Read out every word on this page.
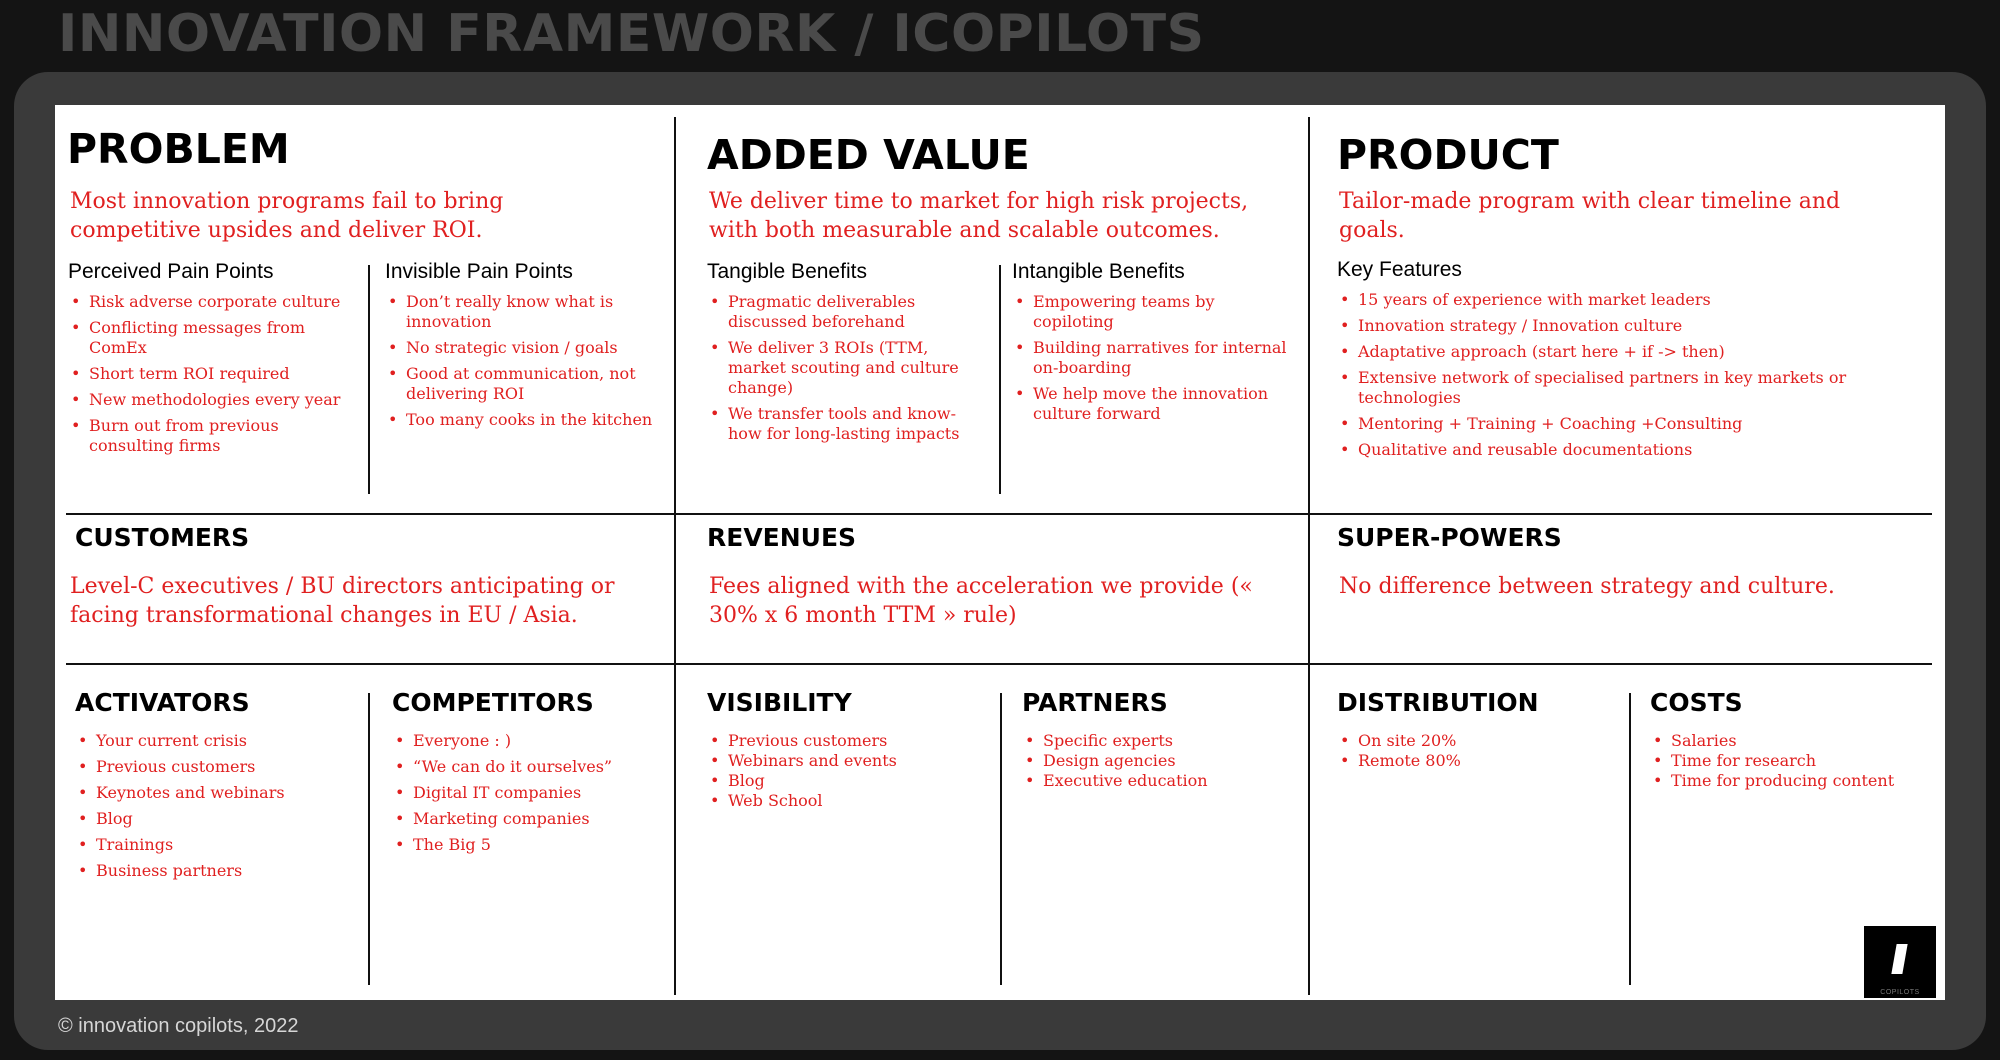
INNOVATION FRAMEWORK / ICOPILOTS
PROBLEM
Most innovation programs fail to bring competitive upsides and deliver ROI.
Perceived Pain Points
• Risk adverse corporate culture
• Conflicting messages from ComEx
• Short term ROI required
• New methodologies every year
• Burn out from previous consulting firms
Invisible Pain Points
• Don’t really know what is innovation
• No strategic vision / goals
• Good at communication, not delivering ROI
• Too many cooks in the kitchen
ADDED VALUE
We deliver time to market for high risk projects, with both measurable and scalable outcomes.
Tangible Benefits
• Pragmatic deliverables discussed beforehand
• We deliver 3 ROIs (TTM, market scouting and culture change)
• We transfer tools and know-how for long-lasting impacts
Intangible Benefits
• Empowering teams by copiloting
• Building narratives for internal on-boarding
• We help move the innovation culture forward
PRODUCT
Tailor-made program with clear timeline and goals.
Key Features
• 15 years of experience with market leaders
• Innovation strategy / Innovation culture
• Adaptative approach (start here + if -> then)
• Extensive network of specialised partners in key markets or technologies
• Mentoring + Training + Coaching +Consulting
• Qualitative and reusable documentations
CUSTOMERS
Level-C executives / BU directors anticipating or facing transformational changes in EU / Asia.
REVENUES
Fees aligned with the acceleration we provide (« 30% x 6 month TTM » rule)
SUPER-POWERS
No difference between strategy and culture.
ACTIVATORS
• Your current crisis
• Previous customers
• Keynotes and webinars
• Blog
• Trainings
• Business partners
COMPETITORS
• Everyone : )
• “We can do it ourselves”
• Digital IT companies
• Marketing companies
• The Big 5
VISIBILITY
• Previous customers
• Webinars and events
• Blog
• Web School
PARTNERS
• Specific experts
• Design agencies
• Executive education
DISTRIBUTION
• On site 20%
• Remote 80%
COSTS
• Salaries
• Time for research
• Time for producing content
COPILOTS
© innovation copilots, 2022
